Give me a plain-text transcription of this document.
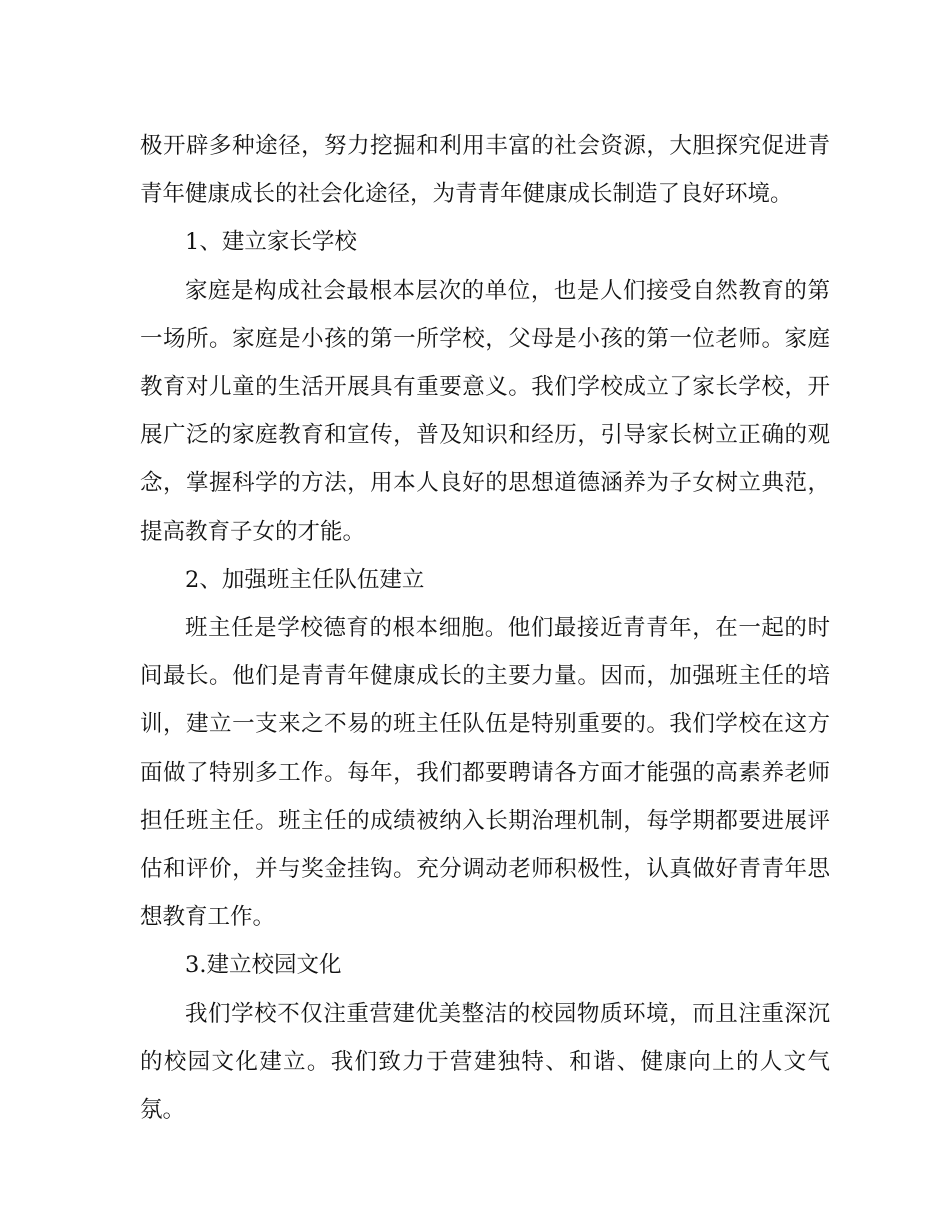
极开辟多种途径，努力挖掘和利用丰富的社会资源，大胆探究促进青青年健康成长的社会化途径，为青青年健康成长制造了良好环境。

1、建立家长学校

家庭是构成社会最根本层次的单位，也是人们接受自然教育的第一场所。家庭是小孩的第一所学校，父母是小孩的第一位老师。家庭教育对儿童的生活开展具有重要意义。我们学校成立了家长学校，开展广泛的家庭教育和宣传，普及知识和经历，引导家长树立正确的观念，掌握科学的方法，用本人良好的思想道德涵养为子女树立典范，提高教育子女的才能。

2、加强班主任队伍建立

班主任是学校德育的根本细胞。他们最接近青青年，在一起的时间最长。他们是青青年健康成长的主要力量。因而，加强班主任的培训，建立一支来之不易的班主任队伍是特别重要的。我们学校在这方面做了特别多工作。每年，我们都要聘请各方面才能强的高素养老师担任班主任。班主任的成绩被纳入长期治理机制，每学期都要进展评估和评价，并与奖金挂钩。充分调动老师积极性，认真做好青青年思想教育工作。

3.建立校园文化

我们学校不仅注重营建优美整洁的校园物质环境，而且注重深沉的校园文化建立。我们致力于营建独特、和谐、健康向上的人文气氛。
